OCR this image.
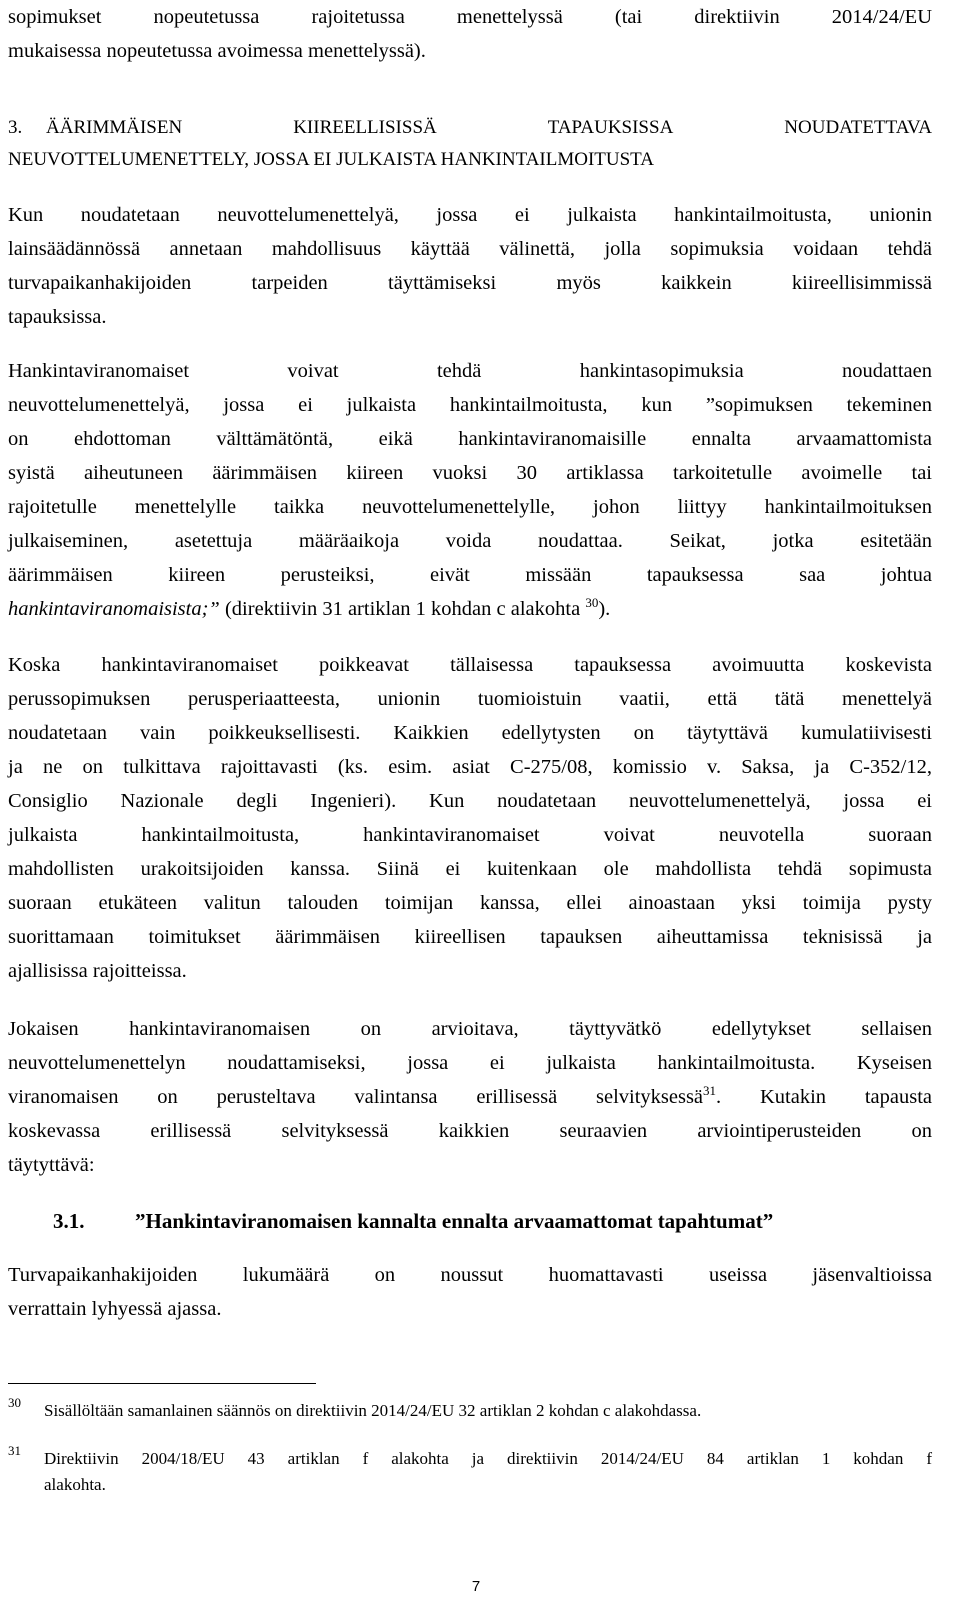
sopimukset nopeutetussa rajoitetussa menettelyssä (tai direktiivin 2014/24/EU
mukaisessa nopeutetussa avoimessa menettelyssä).
3. ÄÄRIMMÄISEN	KIIREELLISISSÄ	TAPAUKSISSA	NOUDATETTAVA
NEUVOTTELUMENETTELY, JOSSA EI JULKAISTA HANKINTAILMOITUSTA
Kun noudatetaan neuvottelumenettelyä, jossa ei julkaista hankintailmoitusta, unionin
lainsäädännössä annetaan mahdollisuus käyttää välinettä, jolla sopimuksia voidaan tehdä
turvapaikanhakijoiden tarpeiden täyttämiseksi myös kaikkein kiireellisimmissä
tapauksissa.
Hankintaviranomaiset voivat tehdä hankintasopimuksia noudattaen
neuvottelumenettelyä, jossa ei julkaista hankintailmoitusta, kun ”sopimuksen tekeminen
on ehdottoman välttämätöntä, eikä hankintaviranomaisille ennalta arvaamattomista
syistä aiheutuneen äärimmäisen kiireen vuoksi 30 artiklassa tarkoitetulle avoimelle tai
rajoitetulle menettelylle taikka neuvottelumenettelylle, johon liittyy hankintailmoituksen
julkaiseminen, asetettuja määräaikoja voida noudattaa. Seikat, jotka esitetään
äärimmäisen kiireen perusteiksi, eivät missään tapauksessa saa johtua
hankintaviranomaisista;” (direktiivin 31 artiklan 1 kohdan c alakohta $^{30}$).
Koska hankintaviranomaiset poikkeavat tällaisessa tapauksessa avoimuutta koskevista
perussopimuksen perusperiaatteesta, unionin tuomioistuin vaatii, että tätä menettelyä
noudatetaan vain poikkeuksellisesti. Kaikkien edellytysten on täytyttävä kumulatiivisesti
ja ne on tulkittava rajoittavasti (ks. esim. asiat C-275/08, komissio v. Saksa, ja C-352/12,
Consiglio Nazionale degli Ingenieri). Kun noudatetaan neuvottelumenettelyä, jossa ei
julkaista hankintailmoitusta, hankintaviranomaiset voivat neuvotella suoraan
mahdollisten urakoitsijoiden kanssa. Siinä ei kuitenkaan ole mahdollista tehdä sopimusta
suoraan etukäteen valitun talouden toimijan kanssa, ellei ainoastaan yksi toimija pysty
suorittamaan toimitukset äärimmäisen kiireellisen tapauksen aiheuttamissa teknisissä ja
ajallisissa rajoitteissa.
Jokaisen hankintaviranomaisen on arvioitava, täyttyvätkö edellytykset sellaisen
neuvottelumenettelyn noudattamiseksi, jossa ei julkaista hankintailmoitusta. Kyseisen
viranomaisen on perusteltava valintansa erillisessä selvityksessä$^{31}$. Kutakin tapausta
koskevassa erillisessä selvityksessä kaikkien seuraavien arviointiperusteiden on
täytyttävä:
3.1. ”Hankintaviranomaisen kannalta ennalta arvaamattomat tapahtumat”
Turvapaikanhakijoiden lukumäärä on noussut huomattavasti useissa jäsenvaltioissa
verrattain lyhyessä ajassa.
30 Sisällöltään samanlainen säännös on direktiivin 2014/24/EU 32 artiklan 2 kohdan c alakohdassa.
31 Direktiivin 2004/18/EU 43 artiklan f alakohta ja direktiivin 2014/24/EU 84 artiklan 1 kohdan f
alakohta.
7
